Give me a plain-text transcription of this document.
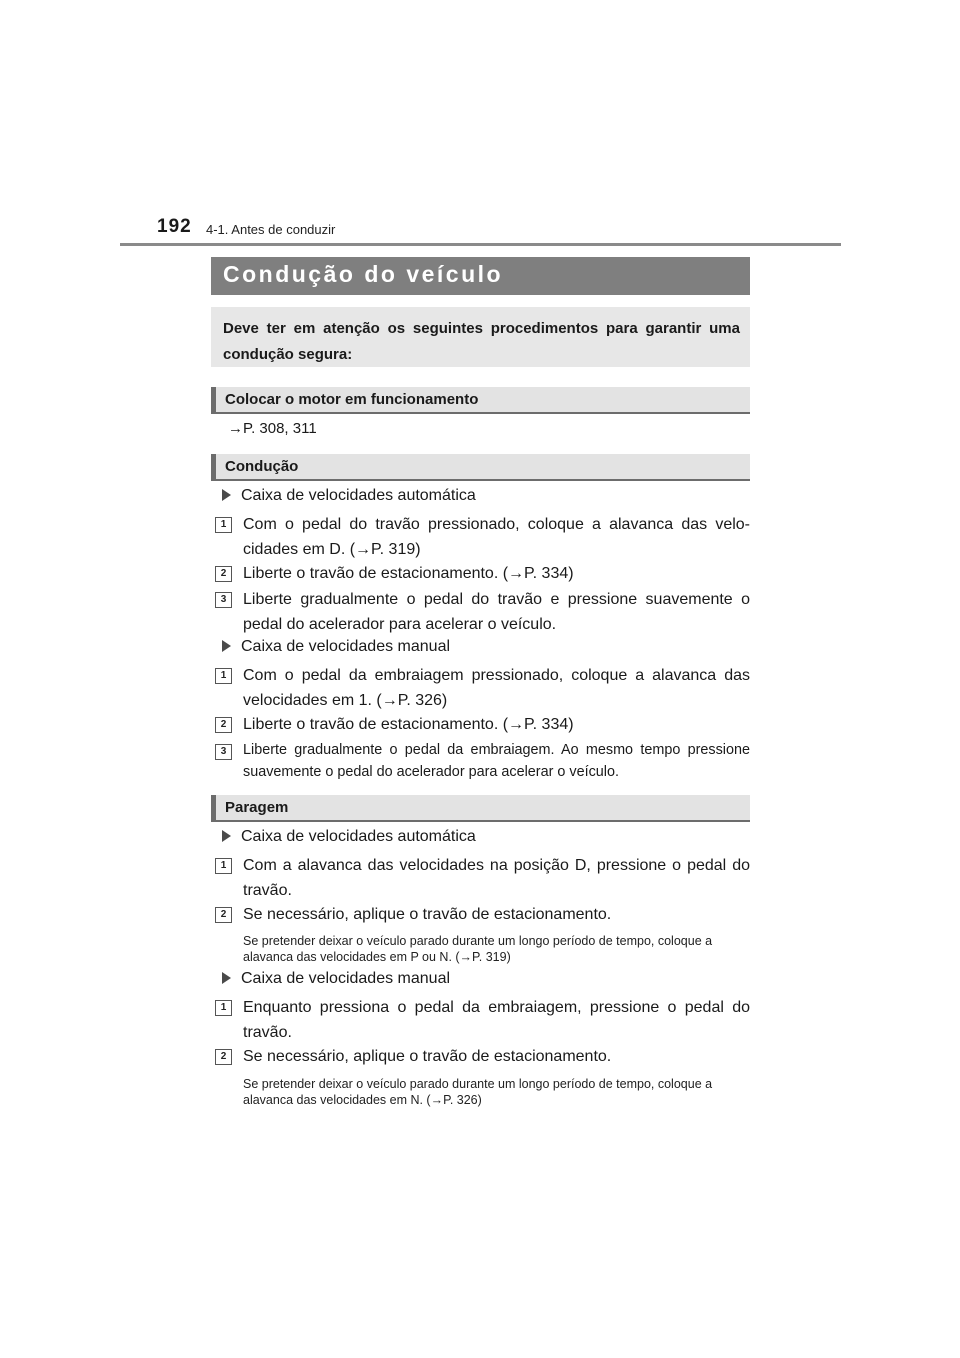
192 4-1. Antes de conduzir
Condução do veículo
Deve ter em atenção os seguintes procedimentos para garantir uma condução segura:
Colocar o motor em funcionamento
→P. 308, 311
Condução
Caixa de velocidades automática
1	Com o pedal do travão pressionado, coloque a alavanca das velo-cidades em D. (→P. 319)
2	Liberte o travão de estacionamento. (→P. 334)
3	Liberte gradualmente o pedal do travão e pressione suavemente o pedal do acelerador para acelerar o veículo.
Caixa de velocidades manual
1	Com o pedal da embraiagem pressionado, coloque a alavanca das velocidades em 1. (→P. 326)
2	Liberte o travão de estacionamento. (→P. 334)
3	Liberte gradualmente o pedal da embraiagem. Ao mesmo tempo pressione suavemente o pedal do acelerador para acelerar o veículo.
Paragem
Caixa de velocidades automática
1	Com a alavanca das velocidades na posição D, pressione o pedal do travão.
2	Se necessário, aplique o travão de estacionamento.
Se pretender deixar o veículo parado durante um longo período de tempo, coloque a alavanca das velocidades em P ou N. (→P. 319)
Caixa de velocidades manual
1	Enquanto pressiona o pedal da embraiagem, pressione o pedal do travão.
2	Se necessário, aplique o travão de estacionamento.
Se pretender deixar o veículo parado durante um longo período de tempo, coloque a alavanca das velocidades em N. (→P. 326)
